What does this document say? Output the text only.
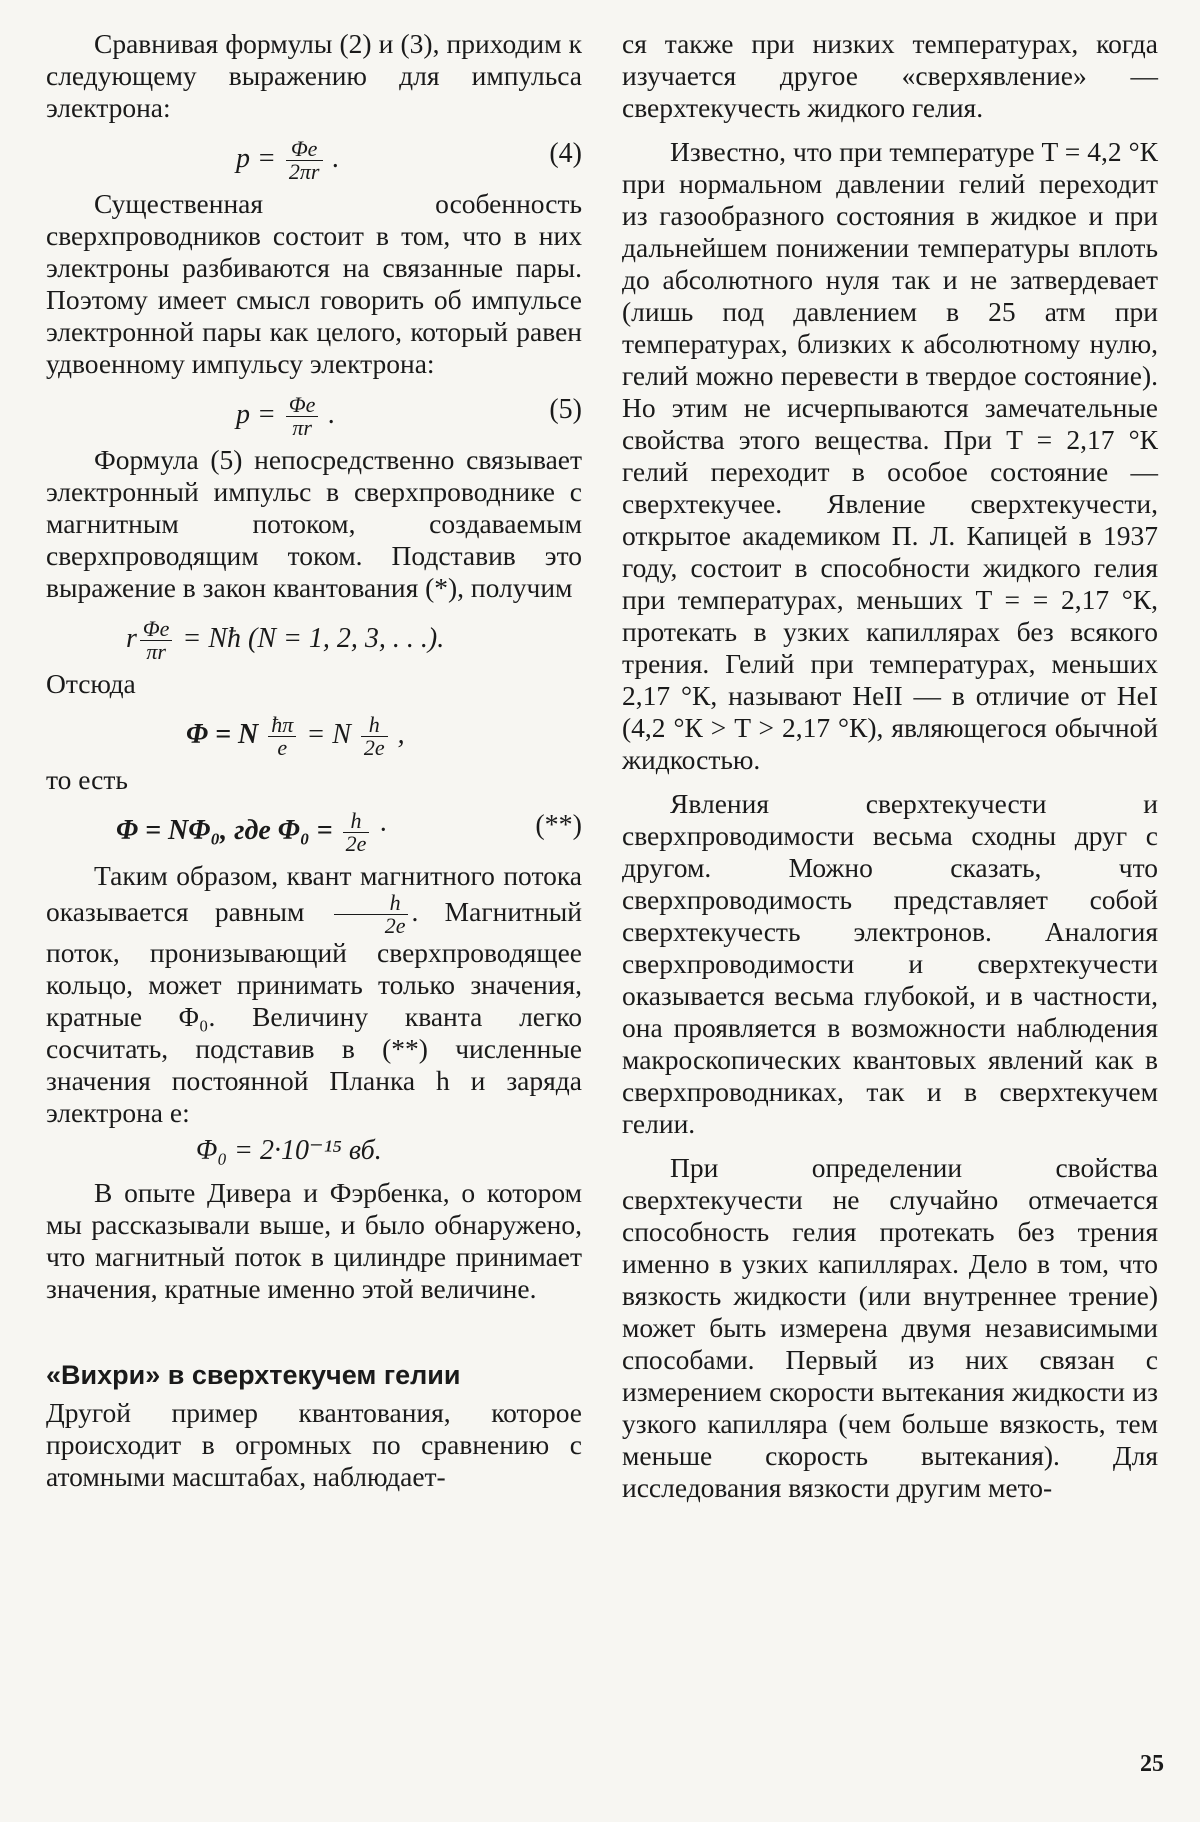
Сравнивая формулы (2) и (3), приходим к следующему выражению для импульса электрона:

$p = \frac{\Phi e}{2\pi r}$ .	(4)

Существенная особенность сверхпроводников состоит в том, что в них электроны разбиваются на связанные пары. Поэтому имеет смысл говорить об импульсе электронной пары как целого, который равен удвоенному импульсу электрона:

$p = \frac{\Phi e}{\pi r}$ .	(5)

Формула (5) непосредственно связывает электронный импульс в сверхпроводнике с магнитным потоком, создаваемым сверхпроводящим током. Подставив это выражение в закон квантования (*), получим

r $\frac{\Phi e}{\pi r}$ = Nħ (N = 1, 2, 3, . . .).

Отсюда

Φ = N $\frac{ħ\pi}{e} = N \frac{h}{2e}$ ,

то есть

Φ = NΦ₀, где $\Phi_0 = \frac{h}{2e}$ ·	(**)

Таким образом, квант магнитного потока оказывается равным $\frac{h}{2e}$ . Магнитный поток, пронизывающий сверхпроводящее кольцо, может принимать только значения, кратные Φ₀. Величину кванта легко сосчитать, подставив в (**) численные значения постоянной Планка h и заряда электрона e:

Φ₀ = 2·10⁻¹⁵ вб.

В опыте Дивера и Фэрбенка, о котором мы рассказывали выше, и было обнаружено, что магнитный поток в цилиндре принимает значения, кратные именно этой величине.

«Вихри» в сверхтекучем гелии

Другой пример квантования, которое происходит в огромных по сравнению с атомными масштабах, наблюдает-

ся также при низких температурах, когда изучается другое «сверхявление» — сверхтекучесть жидкого гелия.

Известно, что при температуре T = 4,2 °К при нормальном давлении гелий переходит из газообразного состояния в жидкое и при дальнейшем понижении температуры вплоть до абсолютного нуля так и не затвердевает (лишь под давлением в 25 атм при температурах, близких к абсолютному нулю, гелий можно перевести в твердое состояние). Но этим не исчерпываются замечательные свойства этого вещества. При T = 2,17 °К гелий переходит в особое состояние — сверхтекучее. Явление сверхтекучести, открытое академиком П. Л. Капицей в 1937 году, состоит в способности жидкого гелия при температурах, меньших T = = 2,17 °К, протекать в узких капиллярах без всякого трения. Гелий при температурах, меньших 2,17 °К, называют HeII — в отличие от HeI (4,2 °К > T > 2,17 °К), являющегося обычной жидкостью.

Явления сверхтекучести и сверхпроводимости весьма сходны друг с другом. Можно сказать, что сверхпроводимость представляет собой сверхтекучесть электронов. Аналогия сверхпроводимости и сверхтекучести оказывается весьма глубокой, и в частности, она проявляется в возможности наблюдения макроскопических квантовых явлений как в сверхпроводниках, так и в сверхтекучем гелии.

При определении свойства сверхтекучести не случайно отмечается способность гелия протекать без трения именно в узких капиллярах. Дело в том, что вязкость жидкости (или внутреннее трение) может быть измерена двумя независимыми способами. Первый из них связан с измерением скорости вытекания жидкости из узкого капилляра (чем больше вязкость, тем меньше скорость вытекания). Для исследования вязкости другим мето-

25
